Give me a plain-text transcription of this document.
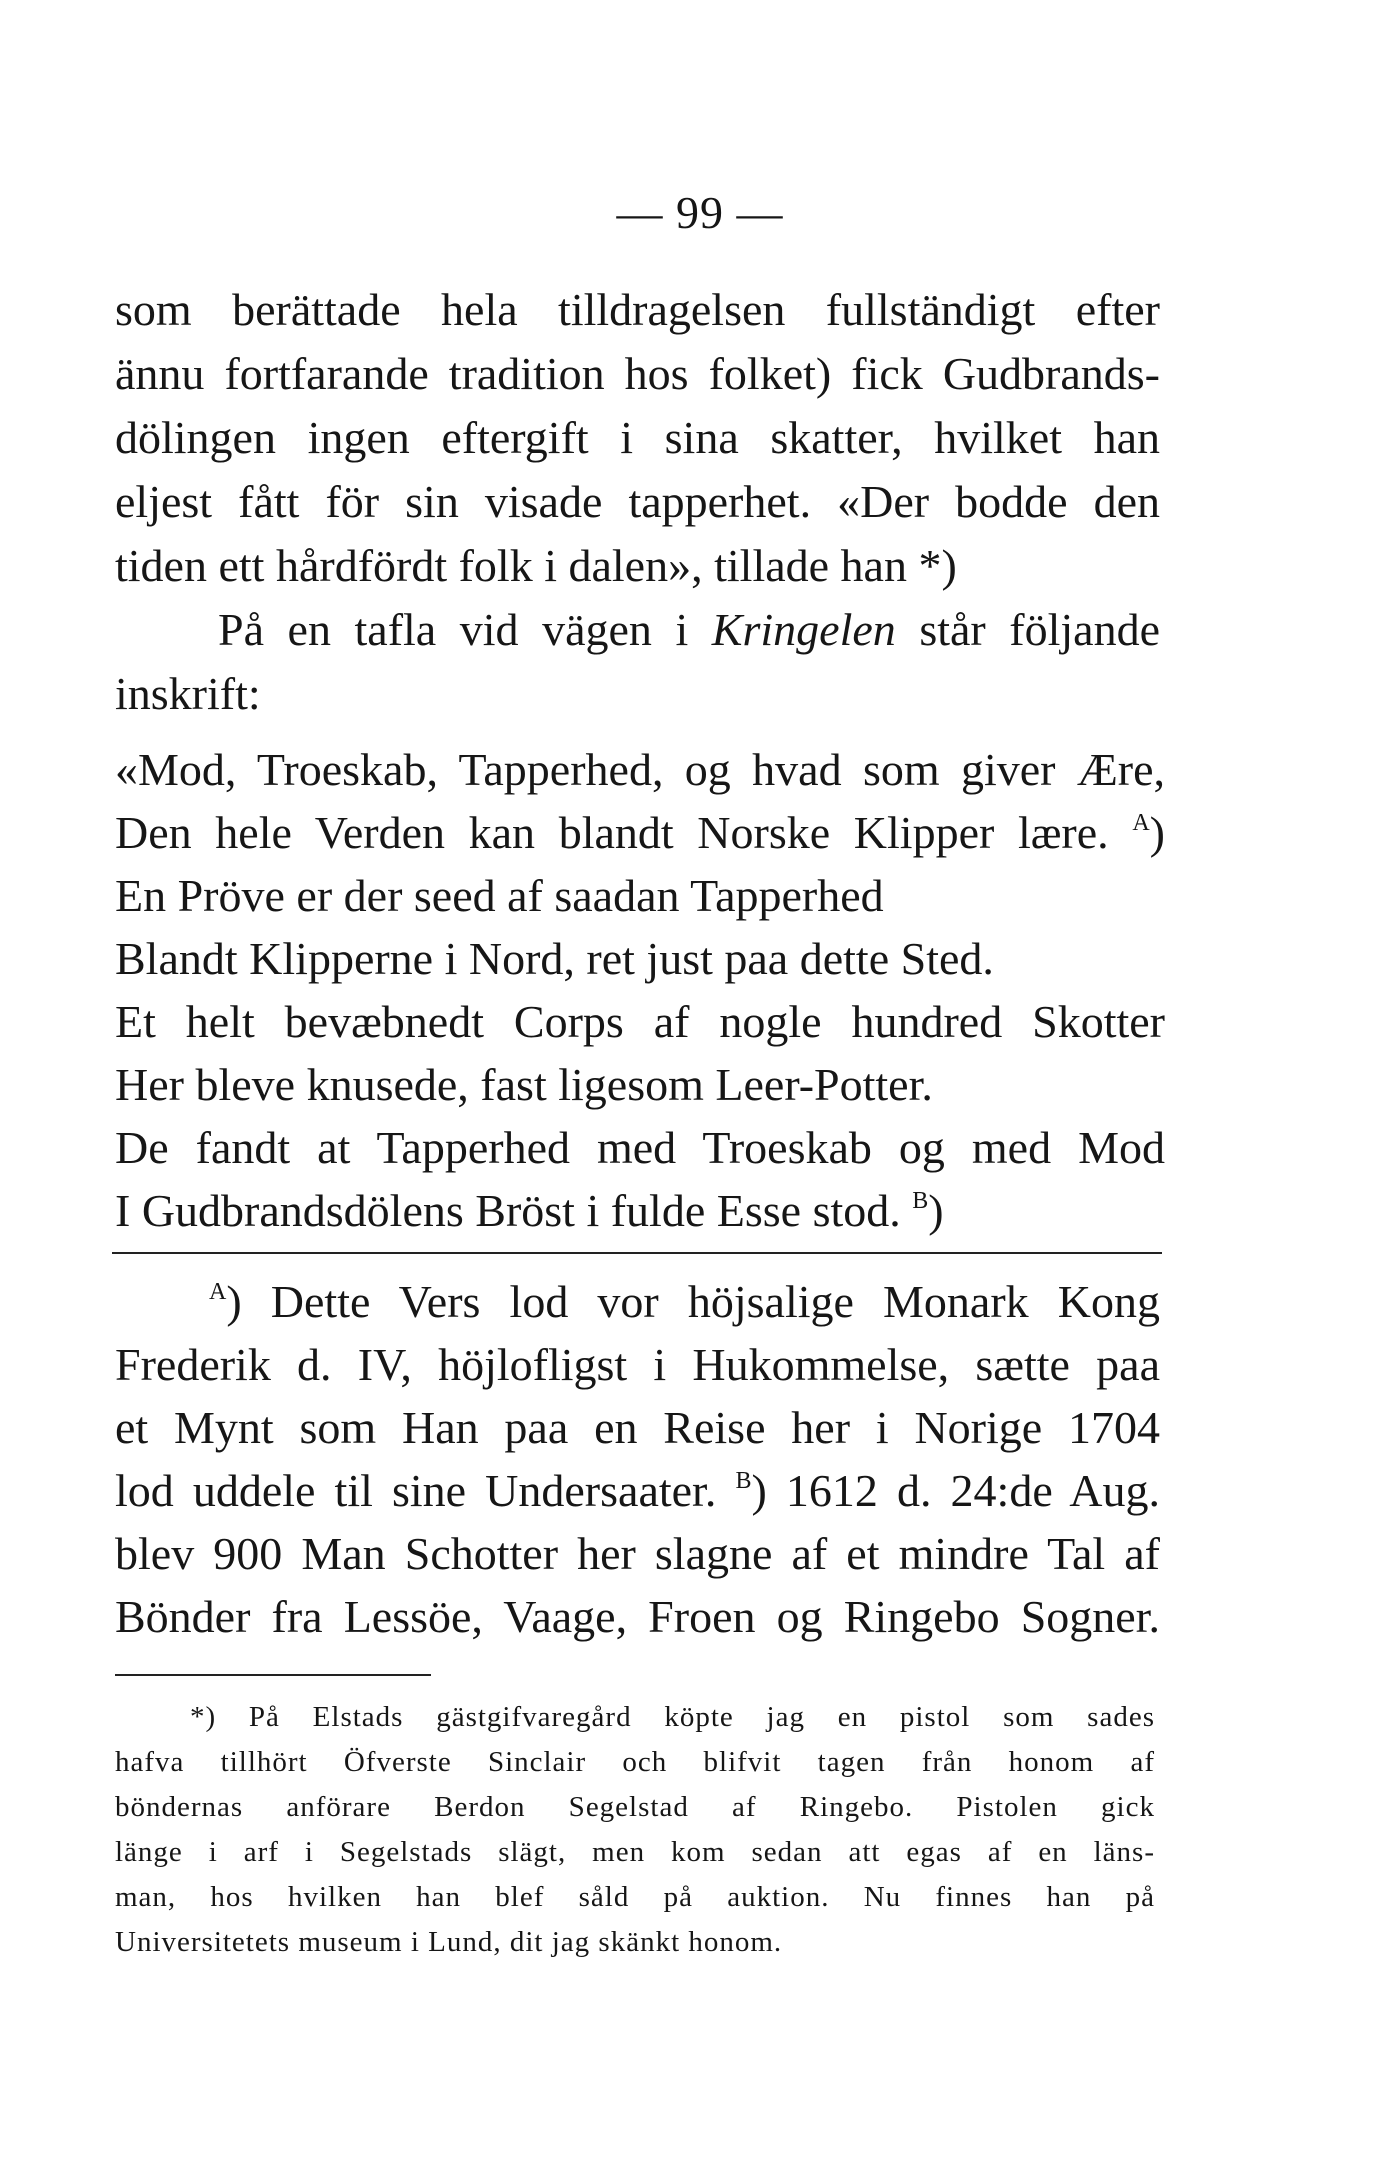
— 99 —
som berättade hela tilldragelsen fullständigt efter
ännu fortfarande tradition hos folket) fick Gudbrands-
dölingen ingen eftergift i sina skatter, hvilket han
eljest fått för sin visade tapperhet. «Der bodde den
tiden ett hårdfördt folk i dalen», tillade han *)
På en tafla vid vägen i Kringelen står följande
inskrift:
«Mod, Troeskab, Tapperhed, og hvad som giver Ære,
Den hele Verden kan blandt Norske Klipper lære. $^A$)
En Pröve er der seed af saadan Tapperhed
Blandt Klipperne i Nord, ret just paa dette Sted.
Et helt bevæbnedt Corps af nogle hundred Skotter
Her bleve knusede, fast ligesom Leer-Potter.
De fandt at Tapperhed med Troeskab og med Mod
I Gudbrandsdölens Bröst i fulde Esse stod. $^B$)
$^A$) Dette Vers lod vor höjsalige Monark Kong
Frederik d. IV, höjlofligst i Hukommelse, sætte paa
et Mynt som Han paa en Reise her i Norige 1704
lod uddele til sine Undersaater. $^B$) 1612 d. 24:de Aug.
blev 900 Man Schotter her slagne af et mindre Tal af
Bönder fra Lessöe, Vaage, Froen og Ringebo Sogner.
*) På Elstads gästgifvaregård köpte jag en pistol som sades
hafva tillhört Öfverste Sinclair och blifvit tagen från honom af
böndernas anförare Berdon Segelstad af Ringebo. Pistolen gick
länge i arf i Segelstads slägt, men kom sedan att egas af en läns-
man, hos hvilken han blef såld på auktion. Nu finnes han på
Universitetets museum i Lund, dit jag skänkt honom.
